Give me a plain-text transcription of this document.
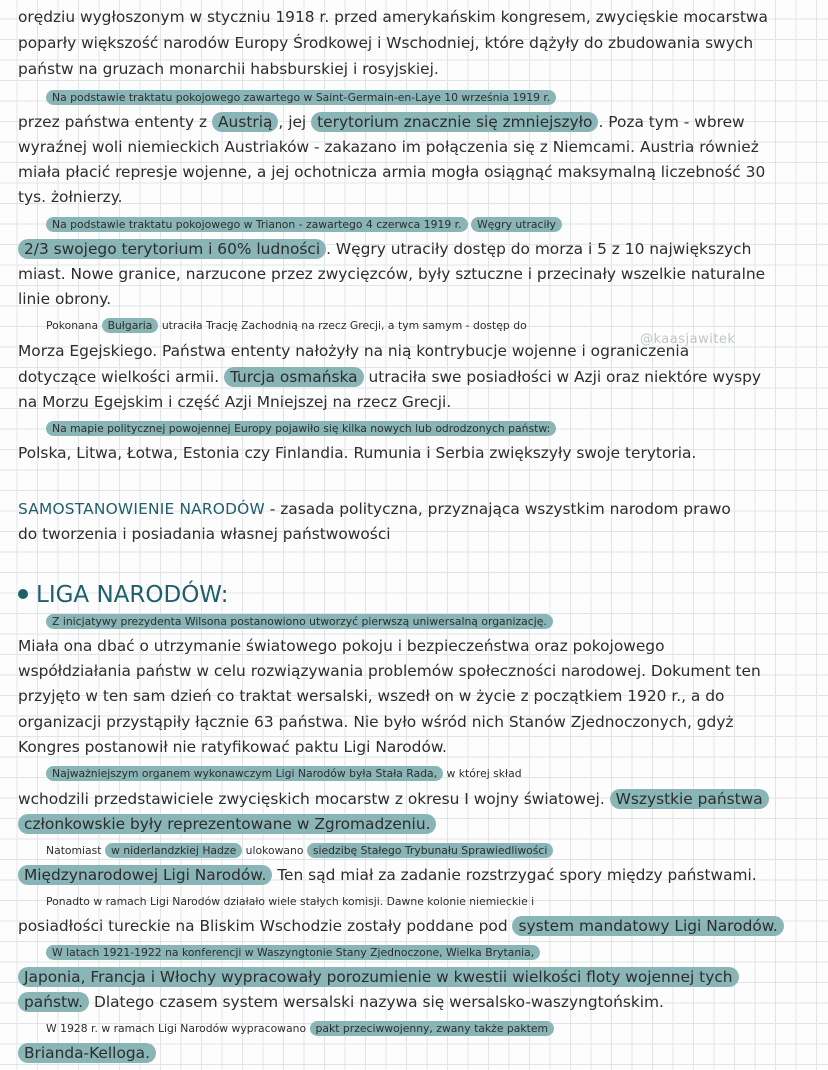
orędziu wygłoszonym w styczniu 1918 r. przed amerykańskim kongresem, zwycięskie mocarstwa
poparły większość narodów Europy Środkowej i Wschodniej, które dążyły do zbudowania swych
państw na gruzach monarchii habsburskiej i rosyjskiej.
Na podstawie traktatu pokojowego zawartego w Saint-Germain-en-Laye 10 września 1919 r.
przez państwa ententy z Austrią , jej terytorium znacznie się zmniejszyło . Poza tym - wbrew
wyraźnej woli niemieckich Austriaków - zakazano im połączenia się z Niemcami. Austria również
miała płacić represje wojenne, a jej ochotnicza armia mogła osiągnąć maksymalną liczebność 30
tys. żołnierzy.
Na podstawie traktatu pokojowego w Trianon - zawartego 4 czerwca 1919 r. Węgry utraciły
2/3 swojego terytorium i 60% ludności . Węgry utraciły dostęp do morza i 5 z 10 największych
miast. Nowe granice, narzucone przez zwycięzców, były sztuczne i przecinały wszelkie naturalne
linie obrony.
Pokonana Bułgaria utraciła Trację Zachodnią na rzecz Grecji, a tym samym - dostęp do
Morza Egejskiego. Państwa ententy nałożyły na nią kontrybucje wojenne i ograniczenia
dotyczące wielkości armii. Turcja osmańska utraciła swe posiadłości w Azji oraz niektóre wyspy
na Morzu Egejskim i część Azji Mniejszej na rzecz Grecji.
Na mapie politycznej powojennej Europy pojawiło się kilka nowych lub odrodzonych państw:
Polska, Litwa, Łotwa, Estonia czy Finlandia. Rumunia i Serbia zwiększyły swoje terytoria.
SAMOSTANOWIENIE NARODÓW - zasada polityczna, przyznająca wszystkim narodom prawo
do tworzenia i posiadania własnej państwowości
LIGA NARODÓW:
Z inicjatywy prezydenta Wilsona postanowiono utworzyć pierwszą uniwersalną organizację.
Miała ona dbać o utrzymanie światowego pokoju i bezpieczeństwa oraz pokojowego
współdziałania państw w celu rozwiązywania problemów społeczności narodowej. Dokument ten
przyjęto w ten sam dzień co traktat wersalski, wszedł on w życie z początkiem 1920 r., a do
organizacji przystąpiły łącznie 63 państwa. Nie było wśród nich Stanów Zjednoczonych, gdyż
Kongres postanowił nie ratyfikować paktu Ligi Narodów.
Najważniejszym organem wykonawczym Ligi Narodów była Stała Rada, w której skład
wchodzili przedstawiciele zwycięskich mocarstw z okresu I wojny światowej. Wszystkie państwa
członkowskie były reprezentowane w Zgromadzeniu.
Natomiast w niderlandzkiej Hadze ulokowano siedzibę Stałego Trybunału Sprawiedliwości
Międzynarodowej Ligi Narodów. Ten sąd miał za zadanie rozstrzygać spory między państwami.
Ponadto w ramach Ligi Narodów działało wiele stałych komisji. Dawne kolonie niemieckie i
posiadłości tureckie na Bliskim Wschodzie zostały poddane pod system mandatowy Ligi Narodów.
W latach 1921-1922 na konferencji w Waszyngtonie Stany Zjednoczone, Wielka Brytania,
Japonia, Francja i Włochy wypracowały porozumienie w kwestii wielkości floty wojennej tych
państw. Dlatego czasem system wersalski nazywa się wersalsko-waszyngtońskim.
W 1928 r. w ramach Ligi Narodów wypracowano pakt przeciwwojenny, zwany także paktem
Brianda-Kelloga.
@kaasjawitek
